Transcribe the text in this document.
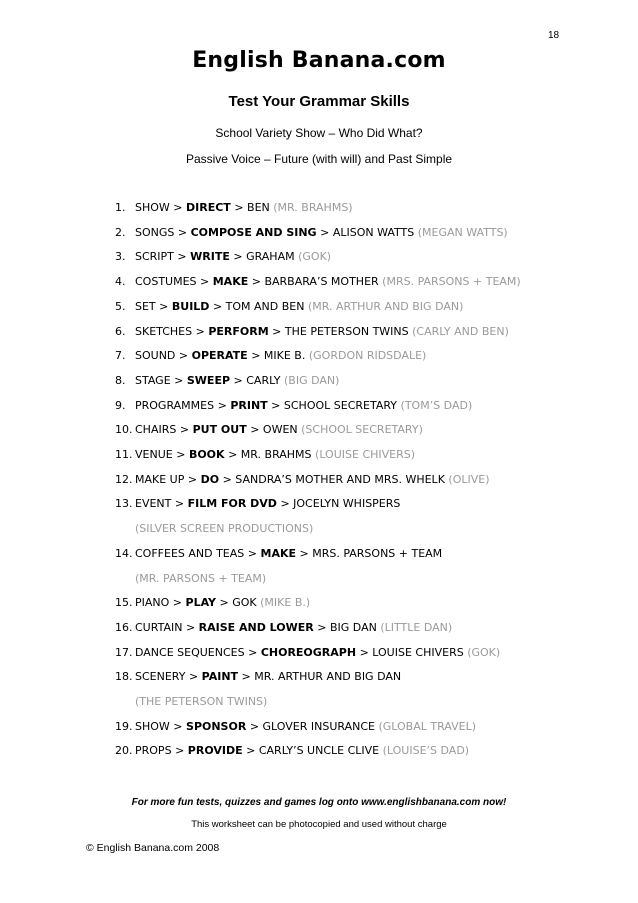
18
English Banana.com
Test Your Grammar Skills
School Variety Show – Who Did What?
Passive Voice – Future (with will) and Past Simple
1. SHOW > DIRECT > BEN (MR. BRAHMS)
2. SONGS > COMPOSE AND SING > ALISON WATTS (MEGAN WATTS)
3. SCRIPT > WRITE > GRAHAM (GOK)
4. COSTUMES > MAKE > BARBARA’S MOTHER (MRS. PARSONS + TEAM)
5. SET > BUILD > TOM AND BEN (MR. ARTHUR AND BIG DAN)
6. SKETCHES > PERFORM > THE PETERSON TWINS (CARLY AND BEN)
7. SOUND > OPERATE > MIKE B. (GORDON RIDSDALE)
8. STAGE > SWEEP > CARLY (BIG DAN)
9. PROGRAMMES > PRINT > SCHOOL SECRETARY (TOM’S DAD)
10. CHAIRS > PUT OUT > OWEN (SCHOOL SECRETARY)
11. VENUE > BOOK > MR. BRAHMS (LOUISE CHIVERS)
12. MAKE UP > DO > SANDRA’S MOTHER AND MRS. WHELK (OLIVE)
13. EVENT > FILM FOR DVD > JOCELYN WHISPERS
(SILVER SCREEN PRODUCTIONS)
14. COFFEES AND TEAS > MAKE > MRS. PARSONS + TEAM
(MR. PARSONS + TEAM)
15. PIANO > PLAY > GOK (MIKE B.)
16. CURTAIN > RAISE AND LOWER > BIG DAN (LITTLE DAN)
17. DANCE SEQUENCES > CHOREOGRAPH > LOUISE CHIVERS (GOK)
18. SCENERY > PAINT > MR. ARTHUR AND BIG DAN
(THE PETERSON TWINS)
19. SHOW > SPONSOR > GLOVER INSURANCE (GLOBAL TRAVEL)
20. PROPS > PROVIDE > CARLY’S UNCLE CLIVE (LOUISE’S DAD)
For more fun tests, quizzes and games log onto www.englishbanana.com now!
This worksheet can be photocopied and used without charge
© English Banana.com 2008
